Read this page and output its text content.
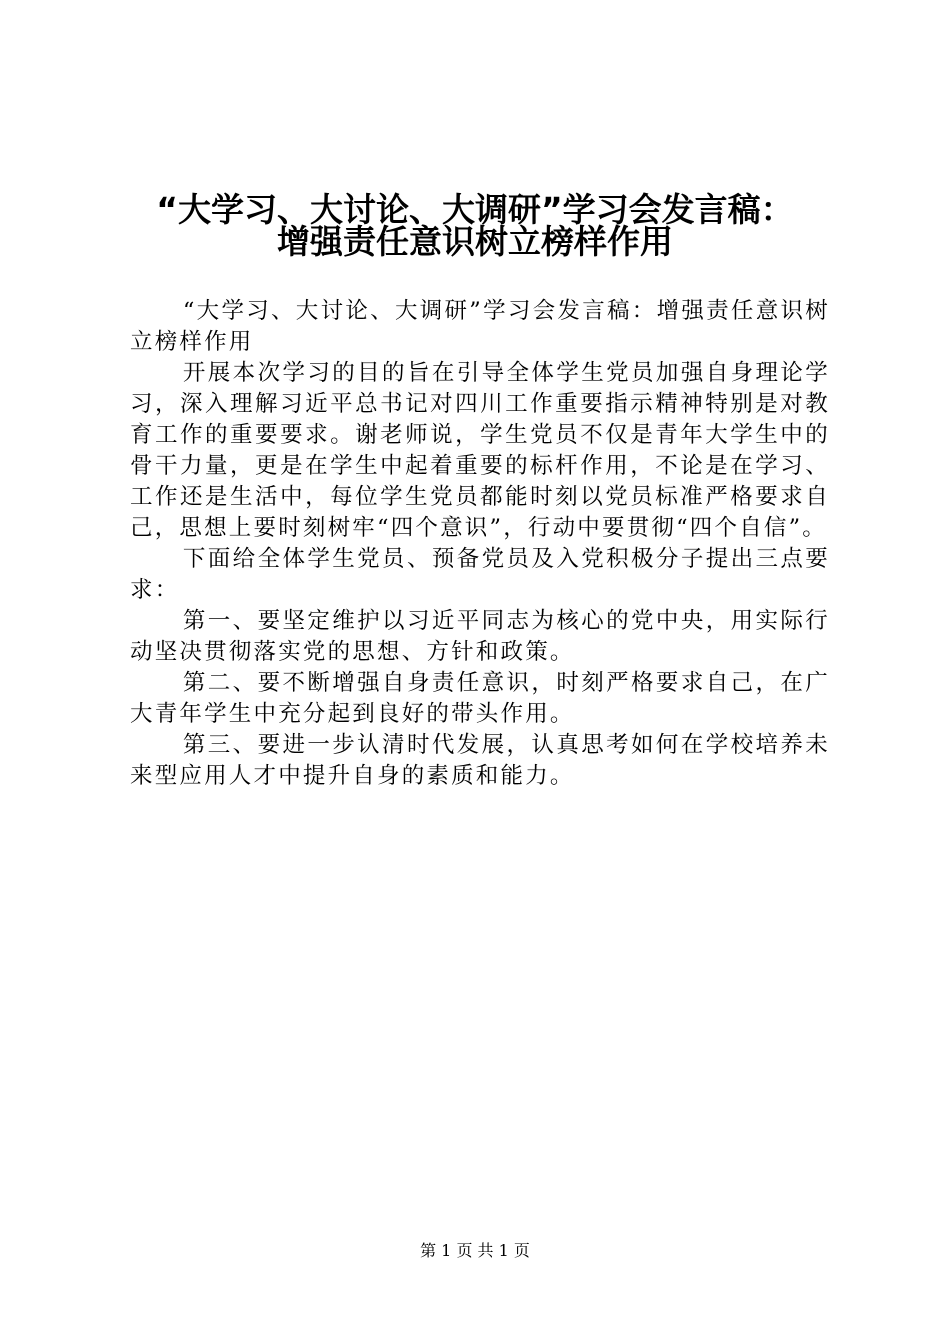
“大学习、大讨论、大调研”学习会发言稿：
增强责任意识树立榜样作用

“大学习、大讨论、大调研”学习会发言稿：增强责任意识树立榜样作用

开展本次学习的目的旨在引导全体学生党员加强自身理论学习，深入理解习近平总书记对四川工作重要指示精神特别是对教育工作的重要要求。谢老师说，学生党员不仅是青年大学生中的骨干力量，更是在学生中起着重要的标杆作用，不论是在学习、工作还是生活中，每位学生党员都能时刻以党员标准严格要求自己，思想上要时刻树牢“四个意识”，行动中要贯彻“四个自信”。

下面给全体学生党员、预备党员及入党积极分子提出三点要求：

第一、要坚定维护以习近平同志为核心的党中央，用实际行动坚决贯彻落实党的思想、方针和政策。

第二、要不断增强自身责任意识，时刻严格要求自己，在广大青年学生中充分起到良好的带头作用。

第三、要进一步认清时代发展，认真思考如何在学校培养未来型应用人才中提升自身的素质和能力。

第 1 页 共 1 页
